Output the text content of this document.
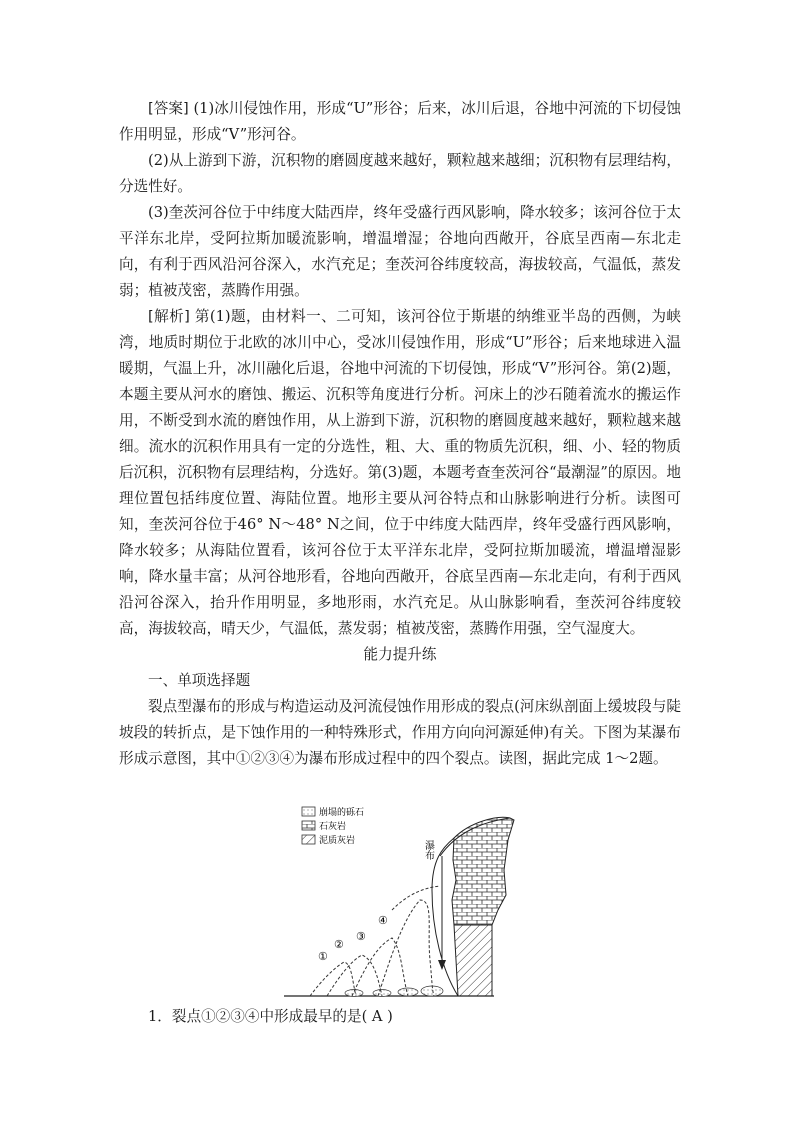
[答案] (1)冰川侵蚀作用，形成“U”形谷；后来，冰川后退，谷地中河流的下切侵蚀作用明显，形成“V”形河谷。

(2)从上游到下游，沉积物的磨圆度越来越好，颗粒越来越细；沉积物有层理结构，分选性好。

(3)奎茨河谷位于中纬度大陆西岸，终年受盛行西风影响，降水较多；该河谷位于太平洋东北岸，受阿拉斯加暖流影响，增温增湿；谷地向西敞开，谷底呈西南—东北走向，有利于西风沿河谷深入，水汽充足；奎茨河谷纬度较高，海拔较高，气温低，蒸发弱；植被茂密，蒸腾作用强。

[解析] 第(1)题，由材料一、二可知，该河谷位于斯堪的纳维亚半岛的西侧，为峡湾，地质时期位于北欧的冰川中心，受冰川侵蚀作用，形成“U”形谷；后来地球进入温暖期，气温上升，冰川融化后退，谷地中河流的下切侵蚀，形成“V”形河谷。第(2)题，本题主要从河水的磨蚀、搬运、沉积等角度进行分析。河床上的沙石随着流水的搬运作用，不断受到水流的磨蚀作用，从上游到下游，沉积物的磨圆度越来越好，颗粒越来越细。流水的沉积作用具有一定的分选性，粗、大、重的物质先沉积，细、小、轻的物质后沉积，沉积物有层理结构，分选好。第(3)题，本题考查奎茨河谷“最潮湿”的原因。地理位置包括纬度位置、海陆位置。地形主要从河谷特点和山脉影响进行分析。读图可知，奎茨河谷位于46° N～48° N之间，位于中纬度大陆西岸，终年受盛行西风影响，降水较多；从海陆位置看，该河谷位于太平洋东北岸，受阿拉斯加暖流，增温增湿影响，降水量丰富；从河谷地形看，谷地向西敞开，谷底呈西南—东北走向，有利于西风沿河谷深入，抬升作用明显，多地形雨，水汽充足。从山脉影响看，奎茨河谷纬度较高，海拔较高，晴天少，气温低，蒸发弱；植被茂密，蒸腾作用强，空气湿度大。

能力提升练

一、单项选择题

裂点型瀑布的形成与构造运动及河流侵蚀作用形成的裂点(河床纵剖面上缓坡段与陡坡段的转折点，是下蚀作用的一种特殊形式，作用方向向河源延伸)有关。下图为某瀑布形成示意图，其中①②③④为瀑布形成过程中的四个裂点。读图，据此完成 1～2题。

崩塌的砾石
石灰岩
泥质灰岩	瀑布
①
②
③
④
1．裂点①②③④中形成最早的是( A )
